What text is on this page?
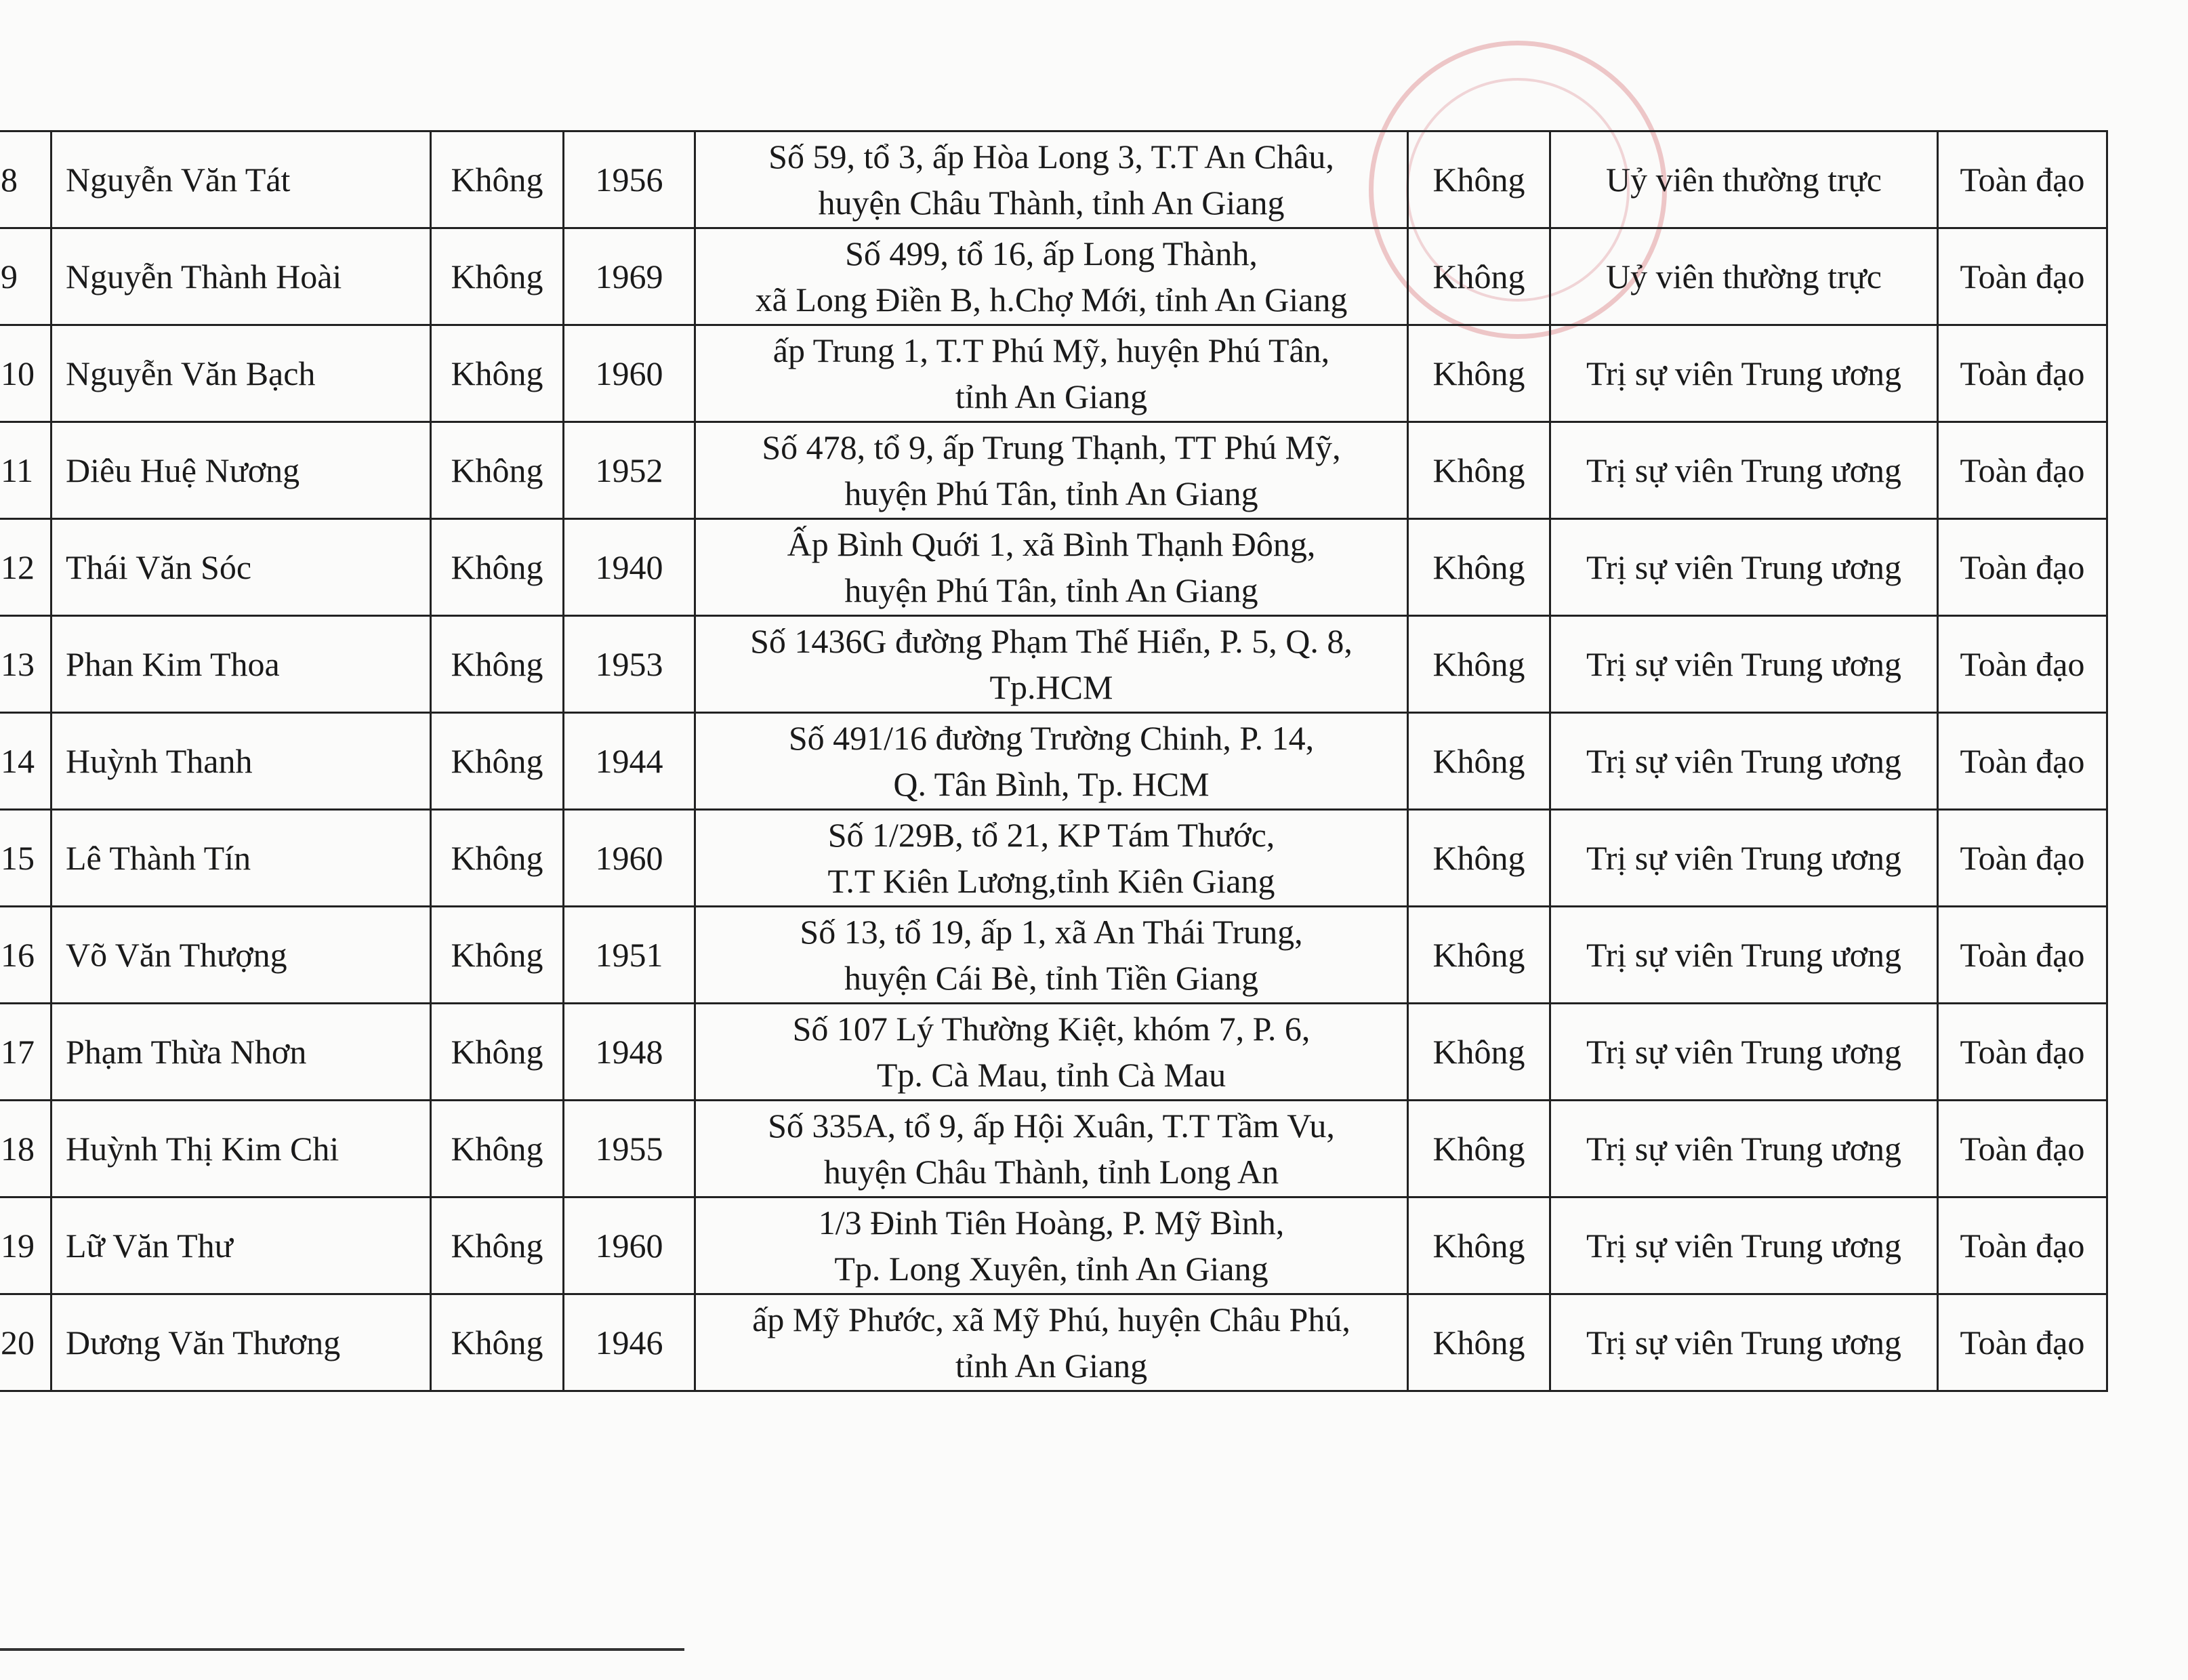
8	Nguyễn Văn Tát	Không	1956	Số 59, tổ 3, ấp Hòa Long 3, T.T An Châu,
huyện Châu Thành, tỉnh An Giang	Không	Uỷ viên thường trực	Toàn đạo
9	Nguyễn Thành Hoài	Không	1969	Số 499, tổ 16, ấp Long Thành,
xã Long Điền B, h.Chợ Mới, tỉnh An Giang	Không	Uỷ viên thường trực	Toàn đạo
10	Nguyễn Văn Bạch	Không	1960	ấp Trung 1, T.T Phú Mỹ, huyện Phú Tân,
tỉnh An Giang	Không	Trị sự viên Trung ương	Toàn đạo
11	Diêu Huệ Nương	Không	1952	Số 478, tổ 9, ấp Trung Thạnh, TT Phú Mỹ,
huyện Phú Tân, tỉnh An Giang	Không	Trị sự viên Trung ương	Toàn đạo
12	Thái Văn Sóc	Không	1940	Ấp Bình Quới 1, xã Bình Thạnh Đông,
huyện Phú Tân, tỉnh An Giang	Không	Trị sự viên Trung ương	Toàn đạo
13	Phan Kim Thoa	Không	1953	Số 1436G đường Phạm Thế Hiển, P. 5, Q. 8,
Tp.HCM	Không	Trị sự viên Trung ương	Toàn đạo
14	Huỳnh Thanh	Không	1944	Số 491/16 đường Trường Chinh, P. 14,
Q. Tân Bình, Tp. HCM	Không	Trị sự viên Trung ương	Toàn đạo
15	Lê Thành Tín	Không	1960	Số 1/29B, tổ 21, KP Tám Thước,
T.T Kiên Lương,tỉnh Kiên Giang	Không	Trị sự viên Trung ương	Toàn đạo
16	Võ Văn Thượng	Không	1951	Số 13, tổ 19, ấp 1, xã An Thái Trung,
huyện Cái Bè, tỉnh Tiền Giang	Không	Trị sự viên Trung ương	Toàn đạo
17	Phạm Thừa Nhơn	Không	1948	Số 107 Lý Thường Kiệt, khóm 7, P. 6,
Tp. Cà Mau, tỉnh Cà Mau	Không	Trị sự viên Trung ương	Toàn đạo
18	Huỳnh Thị Kim Chi	Không	1955	Số 335A, tổ 9, ấp Hội Xuân, T.T Tầm Vu,
huyện Châu Thành, tỉnh Long An	Không	Trị sự viên Trung ương	Toàn đạo
19	Lữ Văn Thư	Không	1960	1/3 Đinh Tiên Hoàng, P. Mỹ Bình,
Tp. Long Xuyên, tỉnh An Giang	Không	Trị sự viên Trung ương	Toàn đạo
20	Dương Văn Thương	Không	1946	ấp Mỹ Phước, xã Mỹ Phú, huyện Châu Phú,
tỉnh An Giang	Không	Trị sự viên Trung ương	Toàn đạo
